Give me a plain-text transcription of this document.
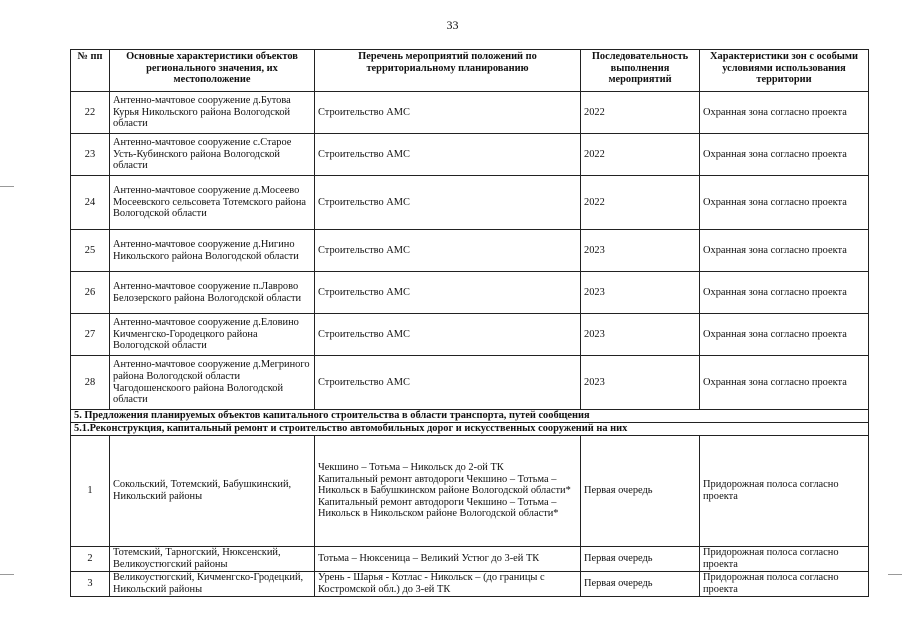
33
№ пп	Основные характеристики объектов регионального значения, их местоположение	Перечень мероприятий положений по территориальному планированию	Последовательность выполнения мероприятий	Характеристики зон с особыми условиями использования территории
22	Антенно-мачтовое сооружение д.Бутова Курья Никольского района Вологодской области	Строительство АМС	2022	Охранная зона согласно проекта
23	Антенно-мачтовое сооружение с.Старое Усть-Кубинского района Вологодской области	Строительство АМС	2022	Охранная зона согласно проекта
24	Антенно-мачтовое сооружение д.Мосеево Мосеевского сельсовета Тотемского района Вологодской области	Строительство АМС	2022	Охранная зона согласно проекта
25	Антенно-мачтовое сооружение д.Нигино Никольского района Вологодской области	Строительство АМС	2023	Охранная зона согласно проекта
26	Антенно-мачтовое сооружение п.Лаврово Белозерского района Вологодской области	Строительство АМС	2023	Охранная зона согласно проекта
27	Антенно-мачтовое сооружение д.Еловино Кичменгско-Городецкого района Вологодской области	Строительство АМС	2023	Охранная зона согласно проекта
28	Антенно-мачтовое сооружение д.Мегриного района Вологодской области Чагодошенскоого района Вологодской области	Строительство АМС	2023	Охранная зона согласно проекта
5. Предложения планируемых объектов капитального строительства в области транспорта, путей сообщения				
5.1.Реконструкция, капитальный ремонт и строительство автомобильных дорог и искусственных сооружений на них				
1	Сокольский, Тотемский, Бабушкинский, Никольский районы	Чекшино – Тотьма – Никольск до 2-ой ТК
Капитальный ремонт автодороги Чекшино – Тотьма – Никольск в Бабушкинском районе Вологодской области*
Капитальный ремонт автодороги Чекшино – Тотьма – Никольск в Никольском районе Вологодской области*	Первая очередь	Придорожная полоса согласно проекта
2	Тотемский, Тарногский, Нюксенский, Великоустюгский районы	Тотьма – Нюксеница – Великий Устюг до 3-ей ТК	Первая очередь	Придорожная полоса согласно проекта
3	Великоустюгский, Кичменгско-Гродецкий, Никольский районы	Урень - Шарья - Котлас - Никольск – (до границы с Костромской обл.) до 3-ей ТК	Первая очередь	Придорожная полоса согласно проекта
